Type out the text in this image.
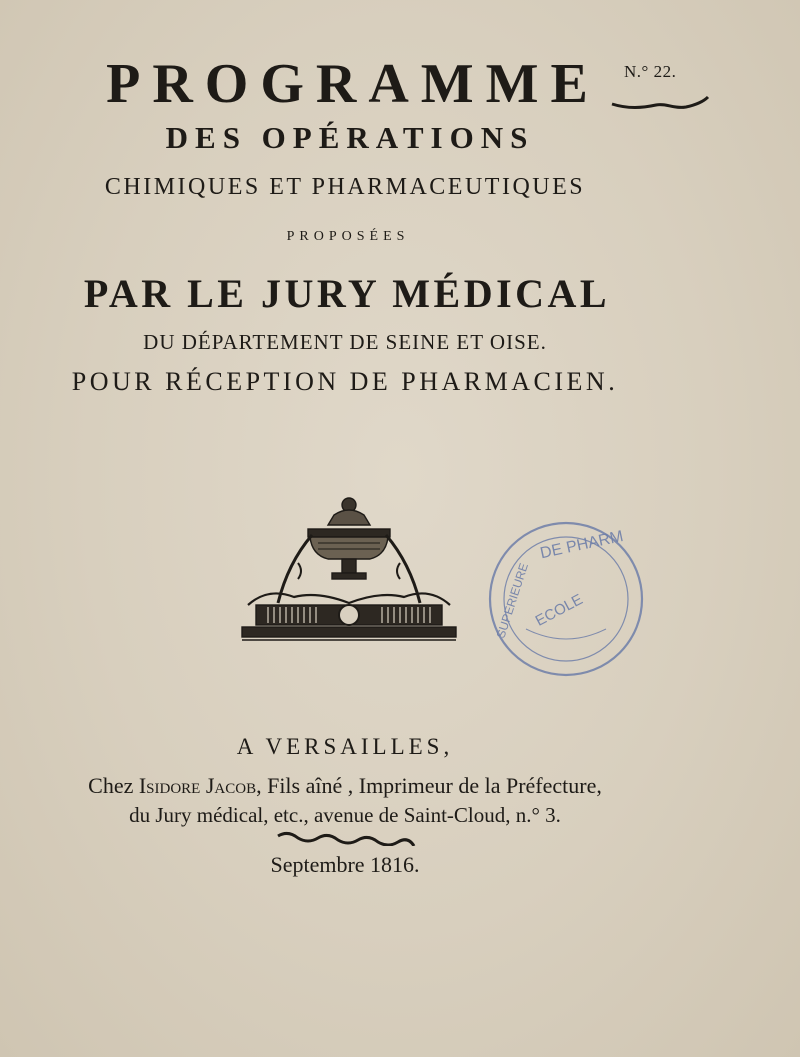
PROGRAMME	N.° 22.
DES OPÉRATIONS
CHIMIQUES ET PHARMACEUTIQUES
PROPOSÉES
PAR LE JURY MÉDICAL
DU DÉPARTEMENT DE SEINE ET OISE.
POUR RÉCEPTION DE PHARMACIEN.
DE PHARM
SUPERIEURE ECOLE
A VERSAILLES,
Chez Isidore Jacob, Fils aîné , Imprimeur de la Préfecture,
du Jury médical, etc., avenue de Saint-Cloud, n.° 3.
Septembre 1816.
